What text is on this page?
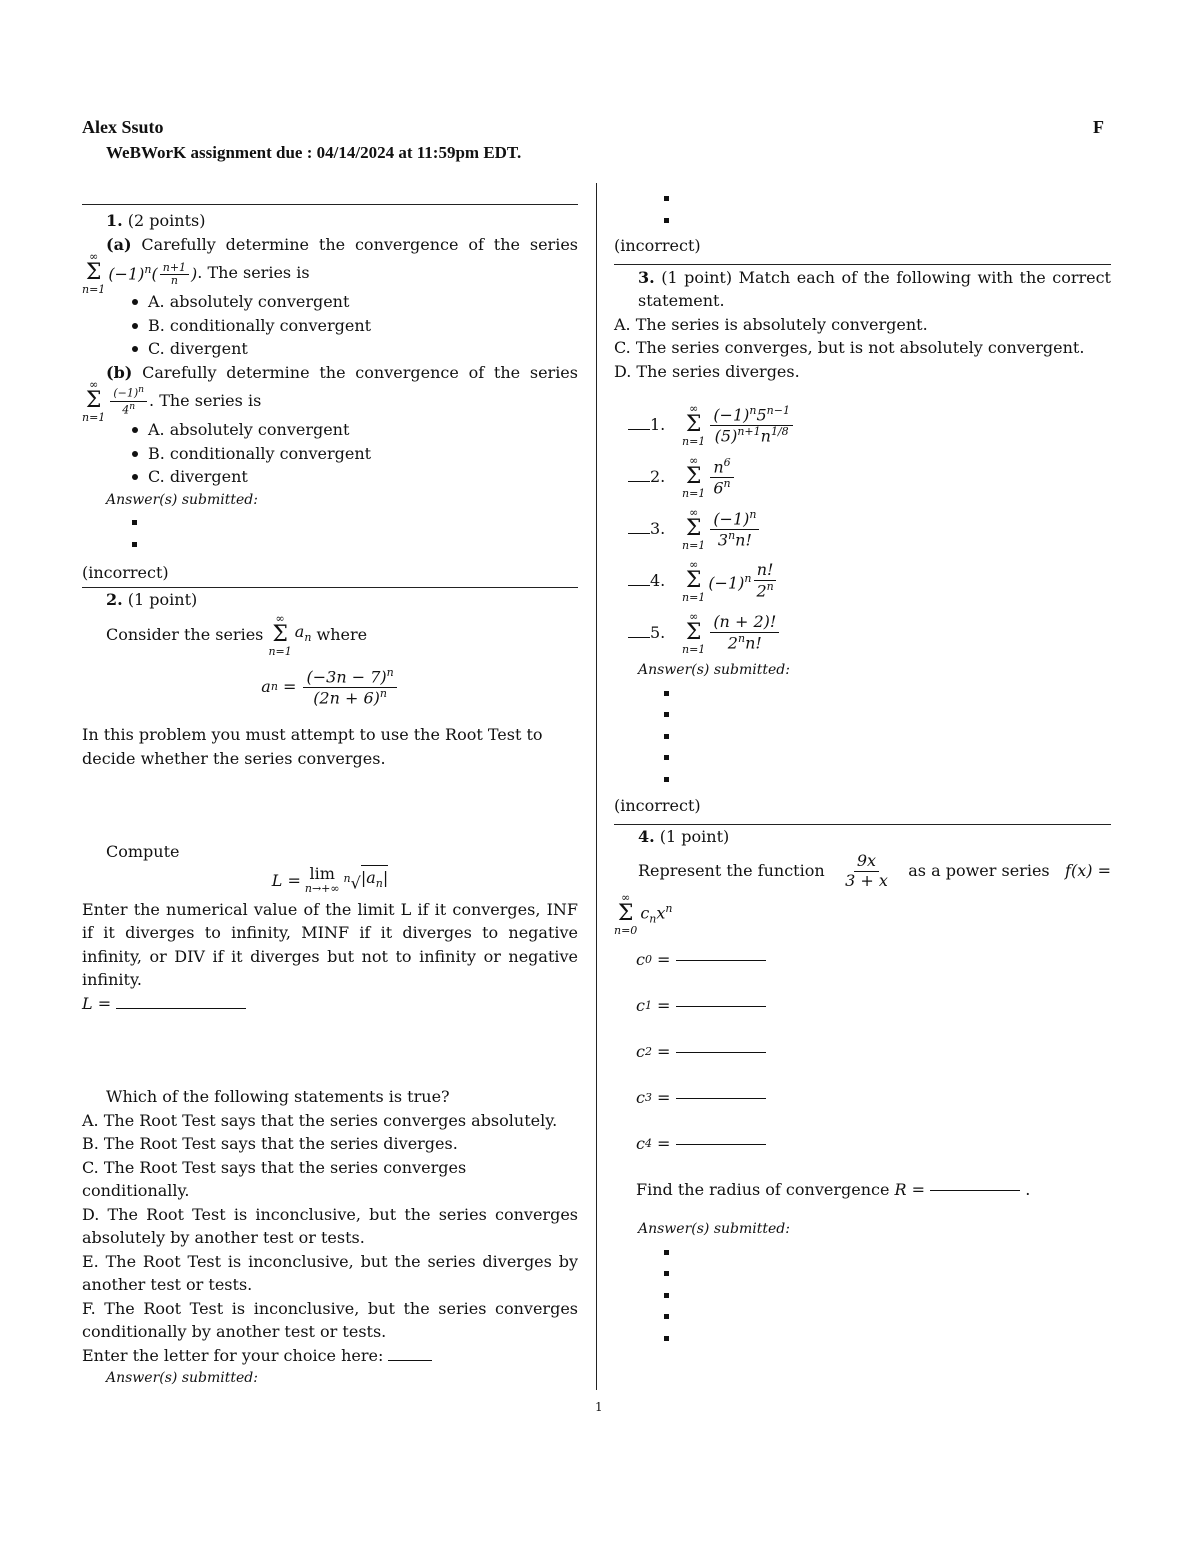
Alex Ssuto	F
WeBWorK assignment due : 04/14/2024 at 11:59pm EDT.
1. (2 points)
(a) Carefully determine the convergence of the series
∞
Σ
n=1
$(-1)^n( \frac{n+1}{n}$ ) . The series is
A. absolutely convergent
B. conditionally convergent
C. divergent
(b) Carefully determine the convergence of the series
∞
Σ
n=1
$\frac{(-1)^n}{4^n}$ . The series is
A. absolutely convergent
B. conditionally convergent
C. divergent
Answer(s) submitted:
(incorrect)
2. (1 point)
Consider the series

∞
Σ
n=1
$a_n$
where
a $n = \frac{(-3n - 7)^n}{(2n + 6)^n}$
In this problem you must attempt to use the Root Test to decide whether the series converges.
Compute
L = lim
n→+∞
$^n$√ $|a_n|$
Enter the numerical value of the limit L if it converges, INF if it diverges to infinity, MINF if it diverges to negative infinity, or DIV if it diverges but not to infinity or negative infinity.
L =
Which of the following statements is true?
A. The Root Test says that the series converges absolutely.
B. The Root Test says that the series diverges.
C. The Root Test says that the series converges conditionally.
D. The Root Test is inconclusive, but the series converges absolutely by another test or tests.
E. The Root Test is inconclusive, but the series diverges by another test or tests.
F. The Root Test is inconclusive, but the series converges conditionally by another test or tests.
Enter the letter for your choice here:
Answer(s) submitted:
(incorrect)
3. (1 point) Match each of the following with the correct statement.
A. The series is absolutely convergent.
C. The series converges, but is not absolutely convergent.
D. The series diverges.
1.
∞
Σ
$n=1 \frac{(-1)^n5^{n-1}}{(5)^{n+1}n^{1/8}}$
2.
∞
Σ
$n=1 \frac{n^6}{6^n}$
3.
∞
Σ
$n=1 \frac{(-1)^n}{3^nn!}$
4.
∞
Σ
n=1
$(-1)^n \frac{n!}{2^n}$
5.
∞
Σ
$n=1 \frac{(n + 2)!}{2^nn!}$
Answer(s) submitted:
(incorrect)
4. (1 point)
Represent the function $\frac{9x}{3 + x}$ as a power series f(x) =
∞
Σ
n=0
$c_nx^n$
c 0 =
c 1 =
c 2 =
c 3 =
c 4 =
Find the radius of convergence
R =	.
Answer(s) submitted:
1
